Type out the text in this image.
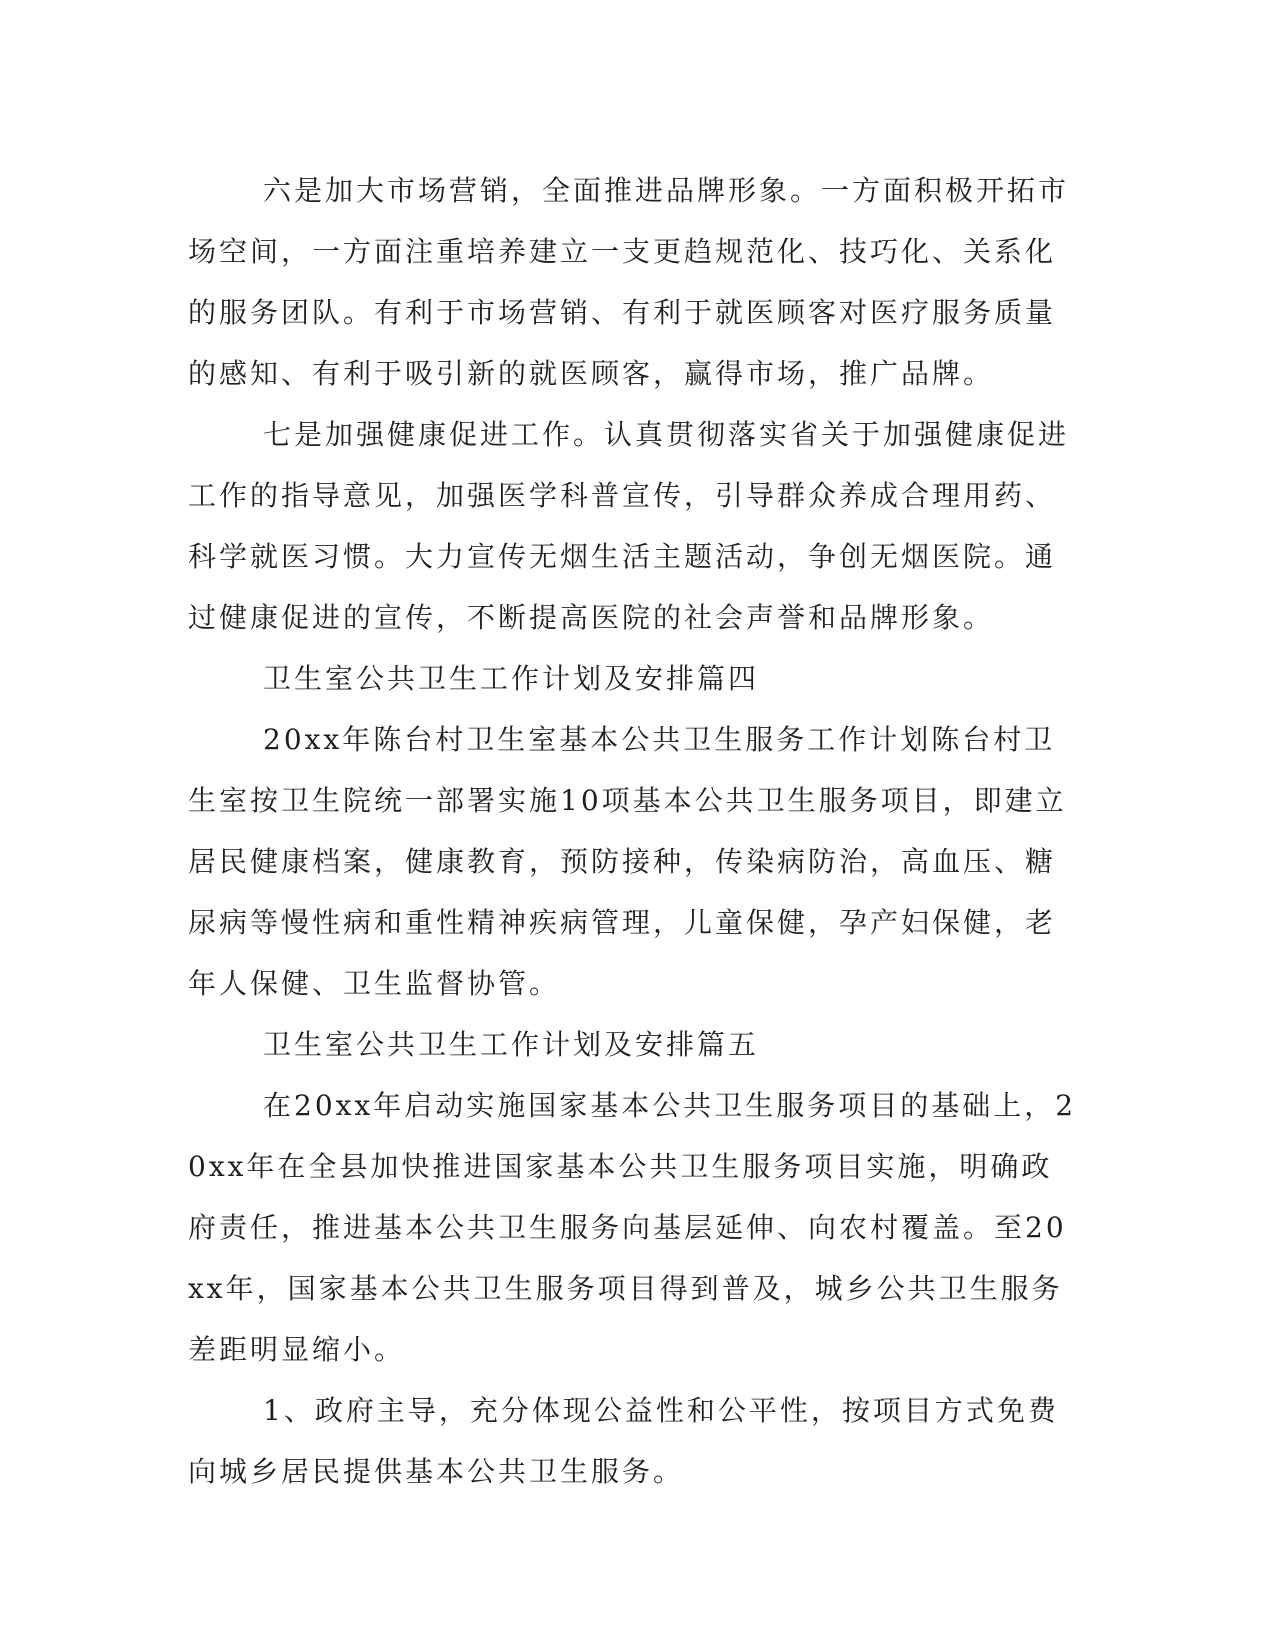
六是加大市场营销，全面推进品牌形象。一方面积极开拓市场空间，一方面注重培养建立一支更趋规范化、技巧化、关系化的服务团队。有利于市场营销、有利于就医顾客对医疗服务质量的感知、有利于吸引新的就医顾客，赢得市场，推广品牌。

七是加强健康促进工作。认真贯彻落实省关于加强健康促进工作的指导意见，加强医学科普宣传，引导群众养成合理用药、科学就医习惯。大力宣传无烟生活主题活动，争创无烟医院。通过健康促进的宣传，不断提高医院的社会声誉和品牌形象。

卫生室公共卫生工作计划及安排篇四

20xx年陈台村卫生室基本公共卫生服务工作计划陈台村卫生室按卫生院统一部署实施10项基本公共卫生服务项目，即建立居民健康档案，健康教育，预防接种，传染病防治，高血压、糖尿病等慢性病和重性精神疾病管理，儿童保健，孕产妇保健，老年人保健、卫生监督协管。

卫生室公共卫生工作计划及安排篇五

在20xx年启动实施国家基本公共卫生服务项目的基础上，20xx年在全县加快推进国家基本公共卫生服务项目实施，明确政府责任，推进基本公共卫生服务向基层延伸、向农村覆盖。至20xx年，国家基本公共卫生服务项目得到普及，城乡公共卫生服务差距明显缩小。

1、政府主导，充分体现公益性和公平性，按项目方式免费向城乡居民提供基本公共卫生服务。
